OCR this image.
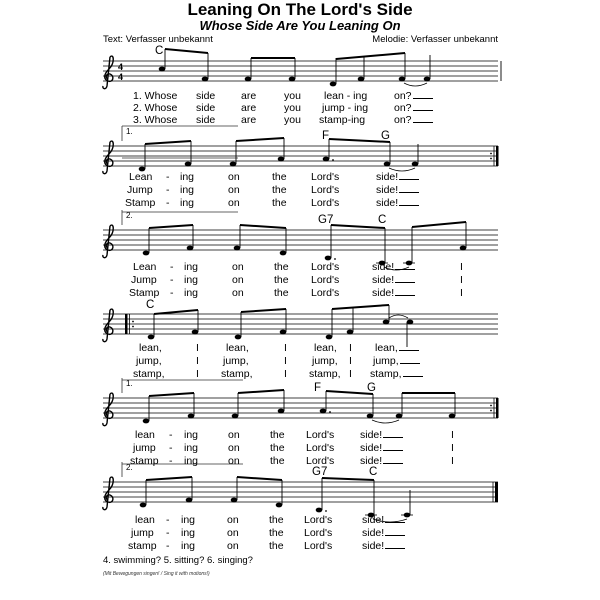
Leaning On The Lord's Side
Whose Side Are You Leaning On
Text: Verfasser unbekannt	Melodie: Verfasser unbekannt
4
4
1.
2.
1.
2.
C
F	G
G7	C
C
F	G
G7	C
1. Whose side are	you lean - ing	on?
2. Whose side are	you jump - ing on?
3. Whose side are	you stamp-ing	on?
Lean - ing	on	the Lord's	side!
Jump - ing	on	the Lord's	side!
Stamp - ing	on	the Lord's	side!
Lean - ing	on	the Lord's	side!	I
Jump - ing	on	the Lord's	side!	I
Stamp - ing	on	the Lord's	side!	I
lean,	I	lean,	I	lean, I lean,
jump,	I jump,	I jump, I jump,
stamp,	I stamp,	I stamp, I stamp,
lean - ing	on	the Lord's side!	I
jump - ing	on	the Lord's side!	I
stamp - ing	on	the Lord's side!	I
lean - ing	on	the Lord's	side!
jump - ing	on	the Lord's	side!
stamp - ing	on	the Lord's	side!
4. swimming? 5. sitting? 6. singing?
(Mit Bewegungen singen! / Sing it with motions!)
